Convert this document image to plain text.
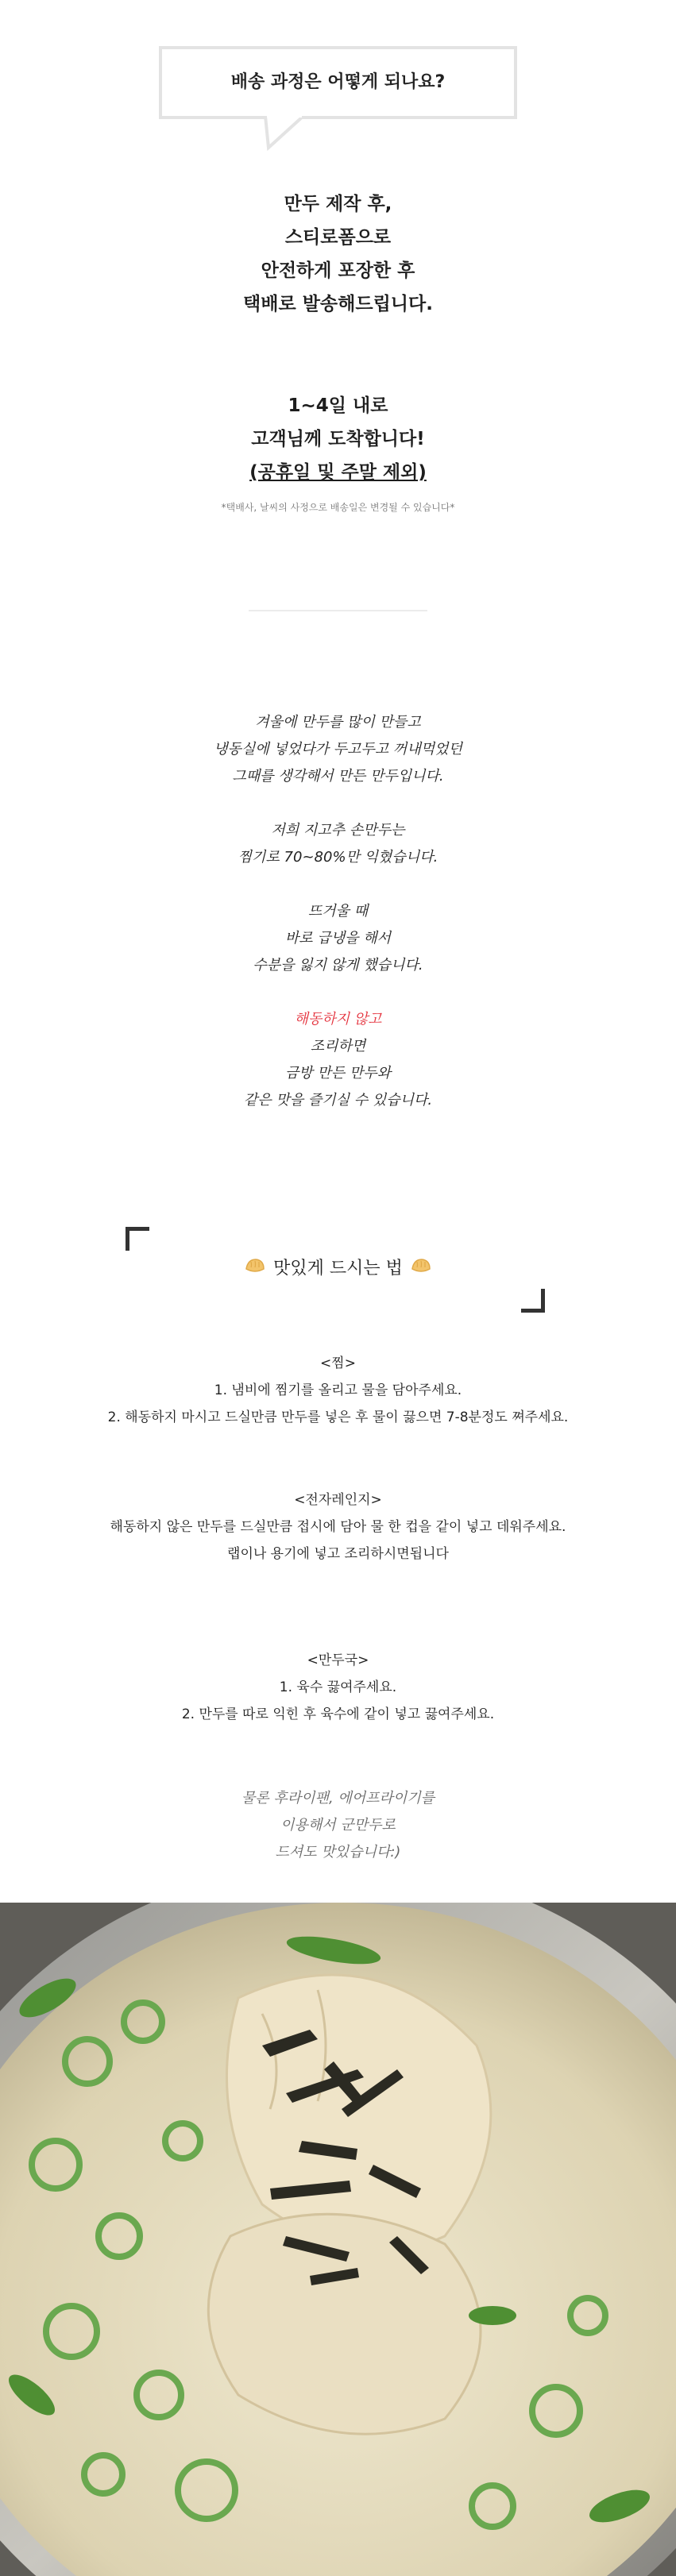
배송 과정은 어떻게 되나요?
만두 제작 후,
스티로폼으로
안전하게 포장한 후
택배로 발송해드립니다.
1~4일 내로
고객님께 도착합니다!
(공휴일 및 주말 제외)
*택배사, 날씨의 사정으로 배송일은 변경될 수 있습니다*
겨울에 만두를 많이 만들고
냉동실에 넣었다가 두고두고 꺼내먹었던
그때를 생각해서 만든 만두입니다.
저희 지고추 손만두는
찜기로 70~80%만 익혔습니다.
뜨거울 때
바로 급냉을 해서
수분을 잃지 않게 했습니다.
해동하지 않고
조리하면
금방 만든 만두와
같은 맛을 즐기실 수 있습니다.
맛있게 드시는 법
<찜>
1. 냄비에 찜기를 올리고 물을 담아주세요.
2. 해동하지 마시고 드실만큼 만두를 넣은 후 물이 끓으면 7-8분정도 쪄주세요.
<전자레인지>
해동하지 않은 만두를 드실만큼 접시에 담아 물 한 컵을 같이 넣고 데워주세요.
랩이나 용기에 넣고 조리하시면됩니다
<만두국>
1. 육수 끓여주세요.
2. 만두를 따로 익힌 후 육수에 같이 넣고 끓여주세요.
물론 후라이팬, 에어프라이기를
이용해서 군만두로
드셔도 맛있습니다:)
